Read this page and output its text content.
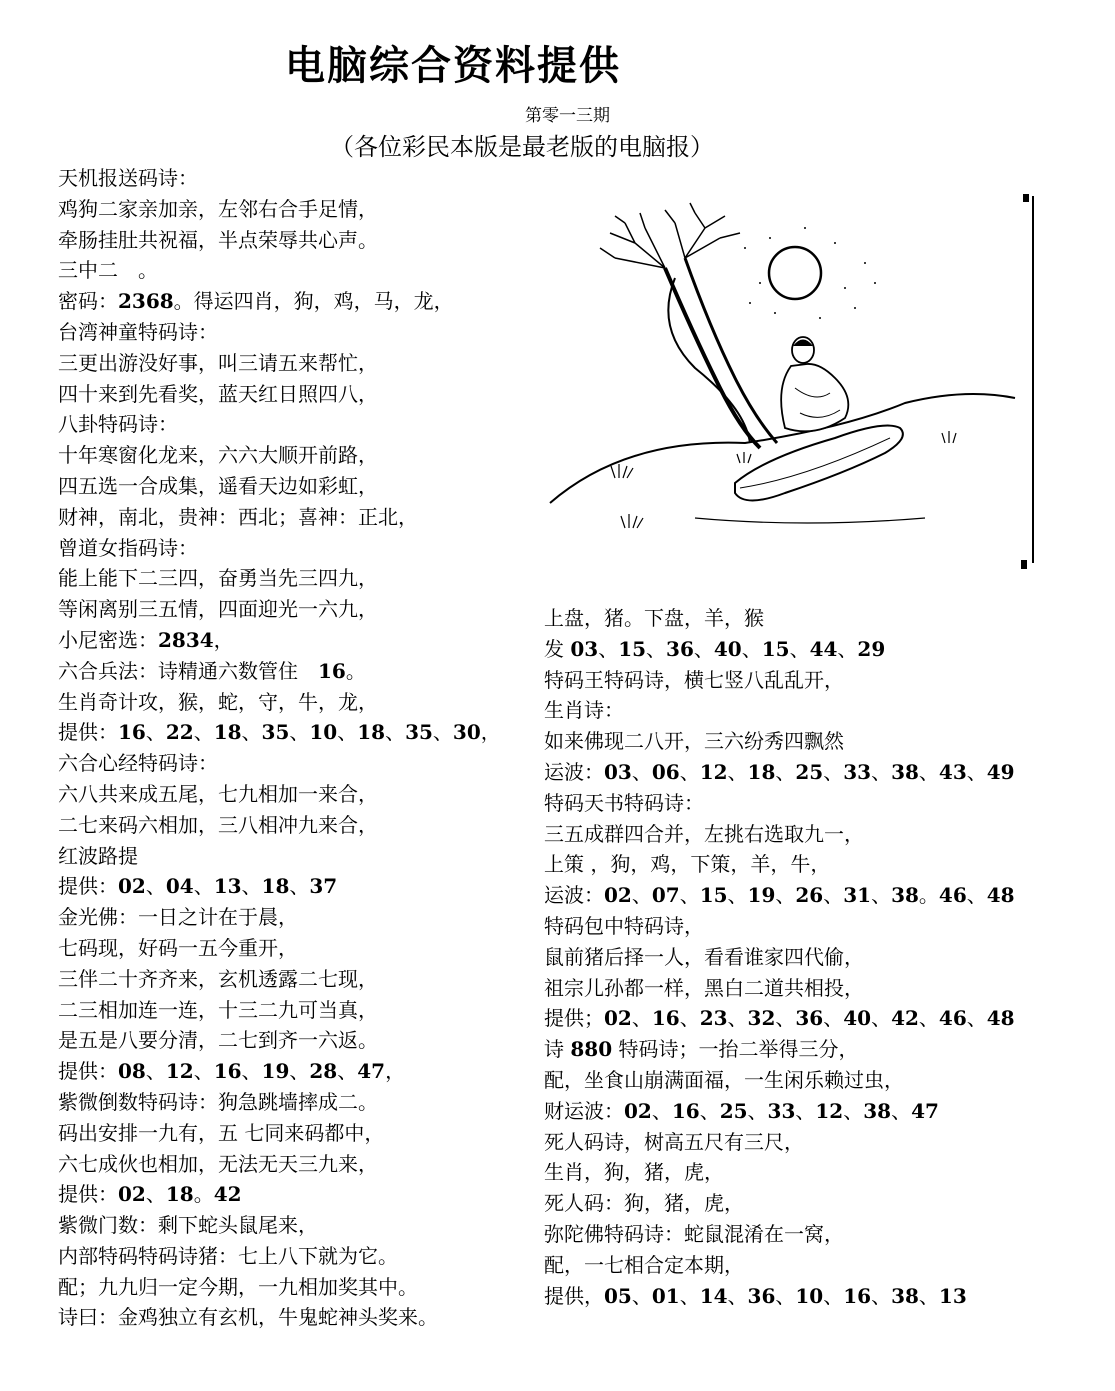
电脑综合资料提供
第零一三期
（各位彩民本版是最老版的电脑报）
天机报送码诗：
鸡狗二家亲加亲，左邻右合手足情，
牵肠挂肚共祝福，半点荣辱共心声。
三中二　。
密码：2368。得运四肖，狗，鸡，马，龙，
台湾神童特码诗：
三更出游没好事，叫三请五来帮忙，
四十来到先看奖，蓝天红日照四八，
八卦特码诗：
十年寒窗化龙来，六六大顺开前路，
四五选一合成集，遥看天边如彩虹，
财神，南北，贵神：西北；喜神：正北，
曾道女指码诗：
能上能下二三四，奋勇当先三四九，
等闲离别三五情，四面迎光一六九，
小尼密选：2834，
六合兵法：诗精通六数管住　16。
生肖奇计攻，猴，蛇，守，牛，龙，
提供：16、22、18、35、10、18、35、30，
六合心经特码诗：
六八共来成五尾，七九相加一来合，
二七来码六相加，三八相冲九来合，
红波路提
提供：02、04、13、18、37
金光佛：一日之计在于晨，
七码现，好码一五今重开，
三伴二十齐齐来，玄机透露二七现，
二三相加连一连，十三二九可当真，
是五是八要分清，二七到齐一六返。
提供：08、12、16、19、28、47，
紫微倒数特码诗：狗急跳墙摔成二。
码出安排一九有，五 七同来码都中，
六七成伙也相加，无法无天三九来，
提供：02、18。42
紫微门数：剩下蛇头鼠尾来，
内部特码特码诗猪：七上八下就为它。
配；九九归一定今期，一九相加奖其中。
诗曰：金鸡独立有玄机，牛鬼蛇神头奖来。
上盘，猪。下盘，羊，猴
发 03、15、36、40、15、44、29
特码王特码诗，横七竖八乱乱开，
生肖诗：
如来佛现二八开，三六纷秀四飘然
运波：03、06、12、18、25、33、38、43、49
特码天书特码诗：
三五成群四合并，左挑右选取九一，
上策 ，狗，鸡，下策，羊，牛，
运波：02、07、15、19、26、31、38。46、48
特码包中特码诗，
鼠前猪后择一人，看看谁家四代偷，
祖宗儿孙都一样，黑白二道共相投，
提供；02、16、23、32、36、40、42、46、48
诗 880 特码诗；一抬二举得三分，
配，坐食山崩满面福，一生闲乐赖过虫，
财运波：02、16、25、33、12、38、47
死人码诗，树高五尺有三尺，
生肖，狗，猪，虎，
死人码：狗，猪，虎，
弥陀佛特码诗：蛇鼠混淆在一窝，
配，一七相合定本期，
提供，05、01、14、36、10、16、38、13
